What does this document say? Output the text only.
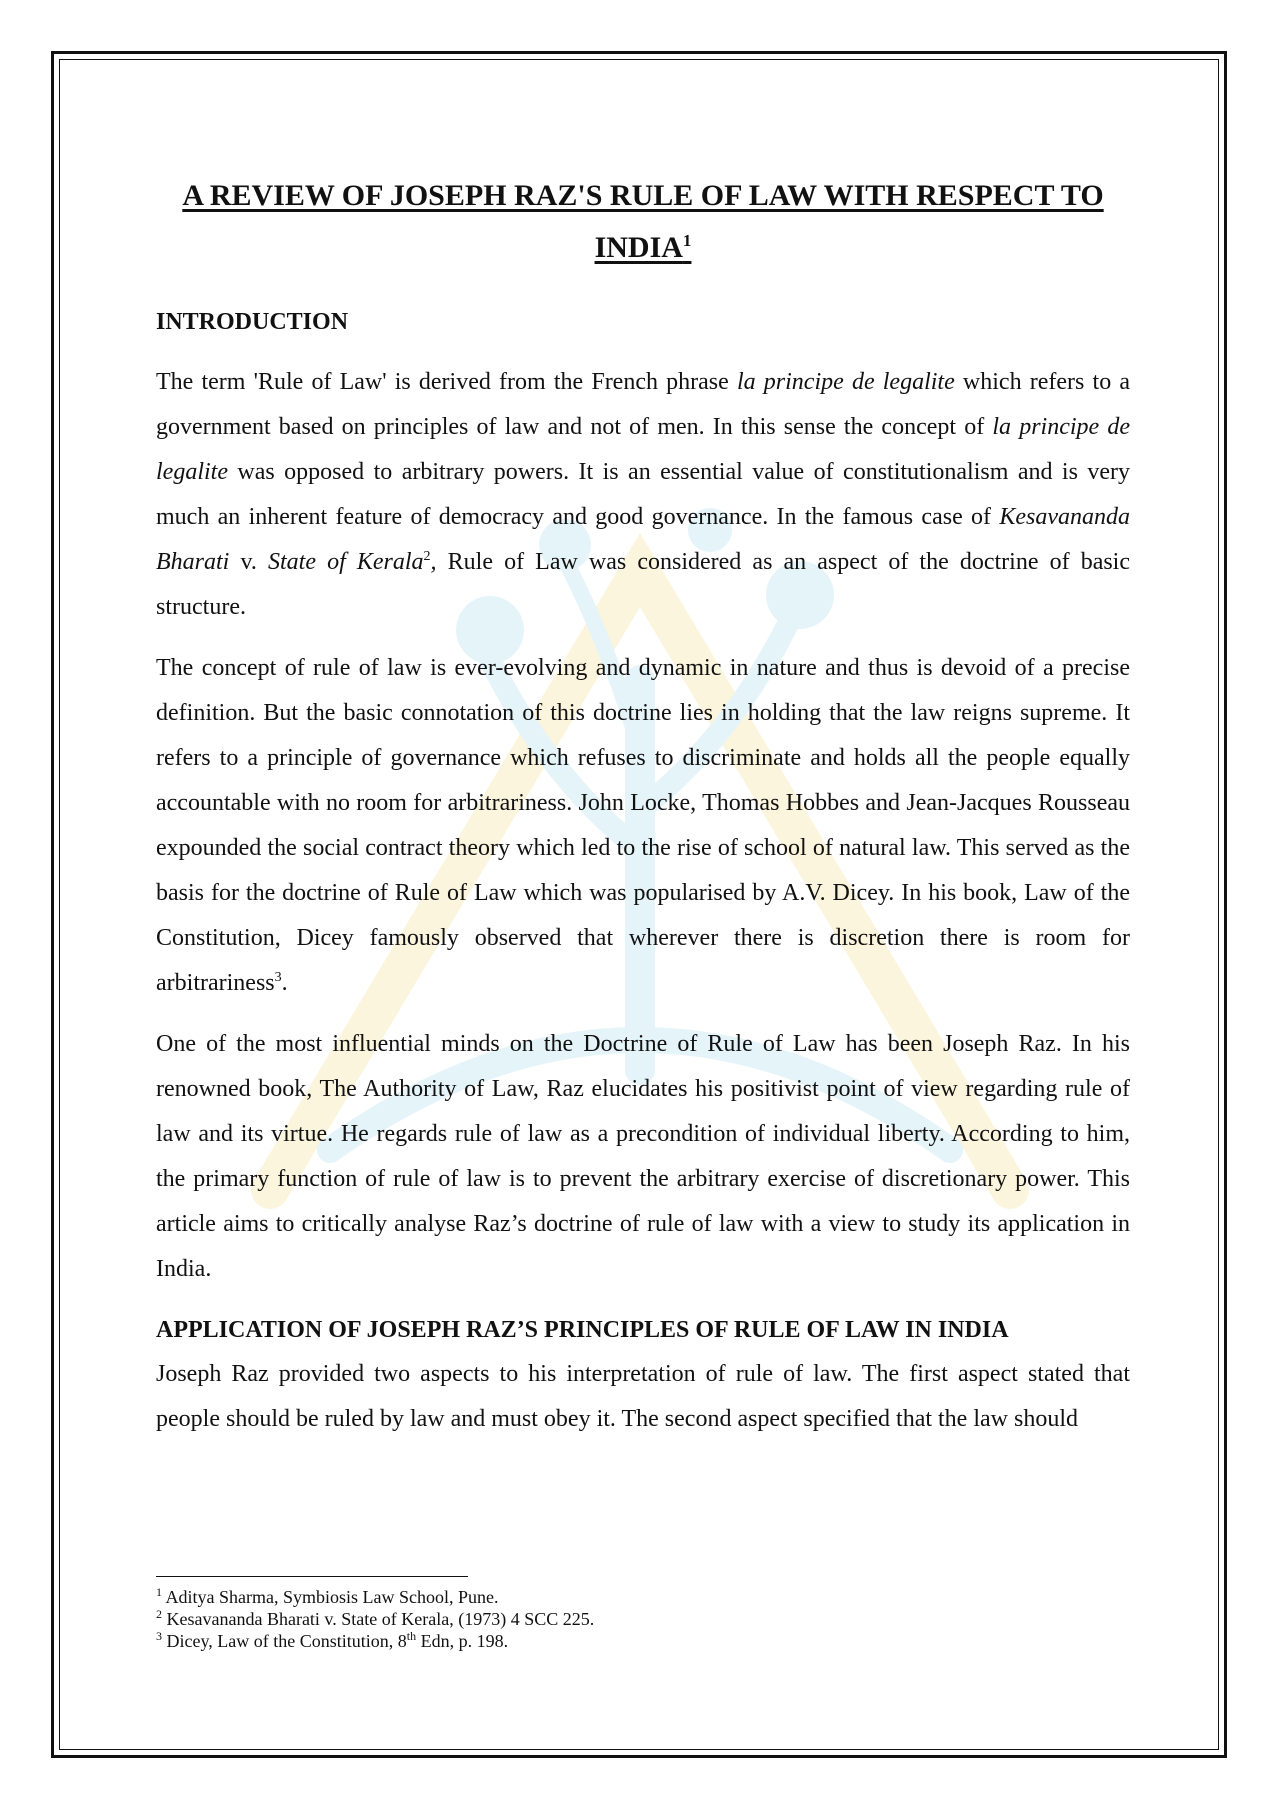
A REVIEW OF JOSEPH RAZ'S RULE OF LAW WITH RESPECT TO
INDIA$^1$
INTRODUCTION

The term 'Rule of Law' is derived from the French phrase la principe de legalite which refers to a government based on principles of law and not of men. In this sense the concept of la principe de legalite was opposed to arbitrary powers. It is an essential value of constitutionalism and is very much an inherent feature of democracy and good governance. In the famous case of Kesavananda Bharati v. State of Kerala$^2$, Rule of Law was considered as an aspect of the doctrine of basic structure.

The concept of rule of law is ever-evolving and dynamic in nature and thus is devoid of a precise definition. But the basic connotation of this doctrine lies in holding that the law reigns supreme. It refers to a principle of governance which refuses to discriminate and holds all the people equally accountable with no room for arbitrariness. John Locke, Thomas Hobbes and Jean-Jacques Rousseau expounded the social contract theory which led to the rise of school of natural law. This served as the basis for the doctrine of Rule of Law which was popularised by A.V. Dicey. In his book, Law of the Constitution, Dicey famously observed that wherever there is discretion there is room for arbitrariness$^3$.

One of the most influential minds on the Doctrine of Rule of Law has been Joseph Raz. In his renowned book, The Authority of Law, Raz elucidates his positivist point of view regarding rule of law and its virtue. He regards rule of law as a precondition of individual liberty. According to him, the primary function of rule of law is to prevent the arbitrary exercise of discretionary power. This article aims to critically analyse Raz’s doctrine of rule of law with a view to study its application in India.

APPLICATION OF JOSEPH RAZ’S PRINCIPLES OF RULE OF LAW IN INDIA

Joseph Raz provided two aspects to his interpretation of rule of law. The first aspect stated that people should be ruled by law and must obey it. The second aspect specified that the law should

$^1$ Aditya Sharma, Symbiosis Law School, Pune.
$^2$ Kesavananda Bharati v. State of Kerala, (1973) 4 SCC 225.
$^3$ Dicey, Law of the Constitution, 8th Edn, p. 198.
